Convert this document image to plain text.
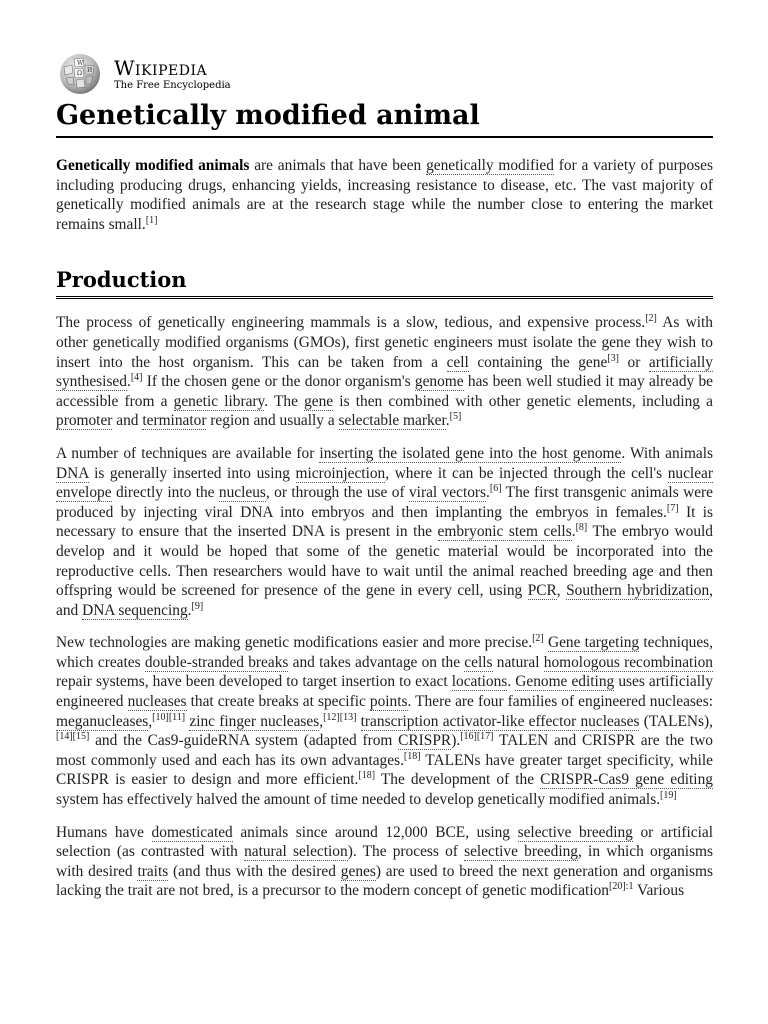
W
И
Ω Wikipedia
The Free Encyclopedia
Genetically modified animal

Genetically modified animals are animals that have been genetically modified for a variety of purposes including producing drugs, enhancing yields, increasing resistance to disease, etc. The vast majority of genetically modified animals are at the research stage while the number close to entering the market remains small.[1]

Production

The process of genetically engineering mammals is a slow, tedious, and expensive process.[2] As with other genetically modified organisms (GMOs), first genetic engineers must isolate the gene they wish to insert into the host organism. This can be taken from a cell containing the gene[3] or artificially synthesised.[4] If the chosen gene or the donor organism's genome has been well studied it may already be accessible from a genetic library. The gene is then combined with other genetic elements, including a promoter and terminator region and usually a selectable marker.[5]

A number of techniques are available for inserting the isolated gene into the host genome. With animals DNA is generally inserted into using microinjection, where it can be injected through the cell's nuclear envelope directly into the nucleus, or through the use of viral vectors.[6] The first transgenic animals were produced by injecting viral DNA into embryos and then implanting the embryos in females.[7] It is necessary to ensure that the inserted DNA is present in the embryonic stem cells.[8] The embryo would develop and it would be hoped that some of the genetic material would be incorporated into the reproductive cells. Then researchers would have to wait until the animal reached breeding age and then offspring would be screened for presence of the gene in every cell, using PCR, Southern hybridization, and DNA sequencing.[9]

New technologies are making genetic modifications easier and more precise.[2] Gene targeting techniques, which creates double-stranded breaks and takes advantage on the cells natural homologous recombination repair systems, have been developed to target insertion to exact locations. Genome editing uses artificially engineered nucleases that create breaks at specific points. There are four families of engineered nucleases: meganucleases,[10][11] zinc finger nucleases,[12][13] transcription activator-like effector nucleases (TALENs),[14][15] and the Cas9-guideRNA system (adapted from CRISPR).[16][17] TALEN and CRISPR are the two most commonly used and each has its own advantages.[18] TALENs have greater target specificity, while CRISPR is easier to design and more efficient.[18] The development of the CRISPR-Cas9 gene editing system has effectively halved the amount of time needed to develop genetically modified animals.[19]

Humans have domesticated animals since around 12,000 BCE, using selective breeding or artificial selection (as contrasted with natural selection). The process of selective breeding, in which organisms with desired traits (and thus with the desired genes) are used to breed the next generation and organisms lacking the trait are not bred, is a precursor to the modern concept of genetic modification$^{[20]:1}$ Various
